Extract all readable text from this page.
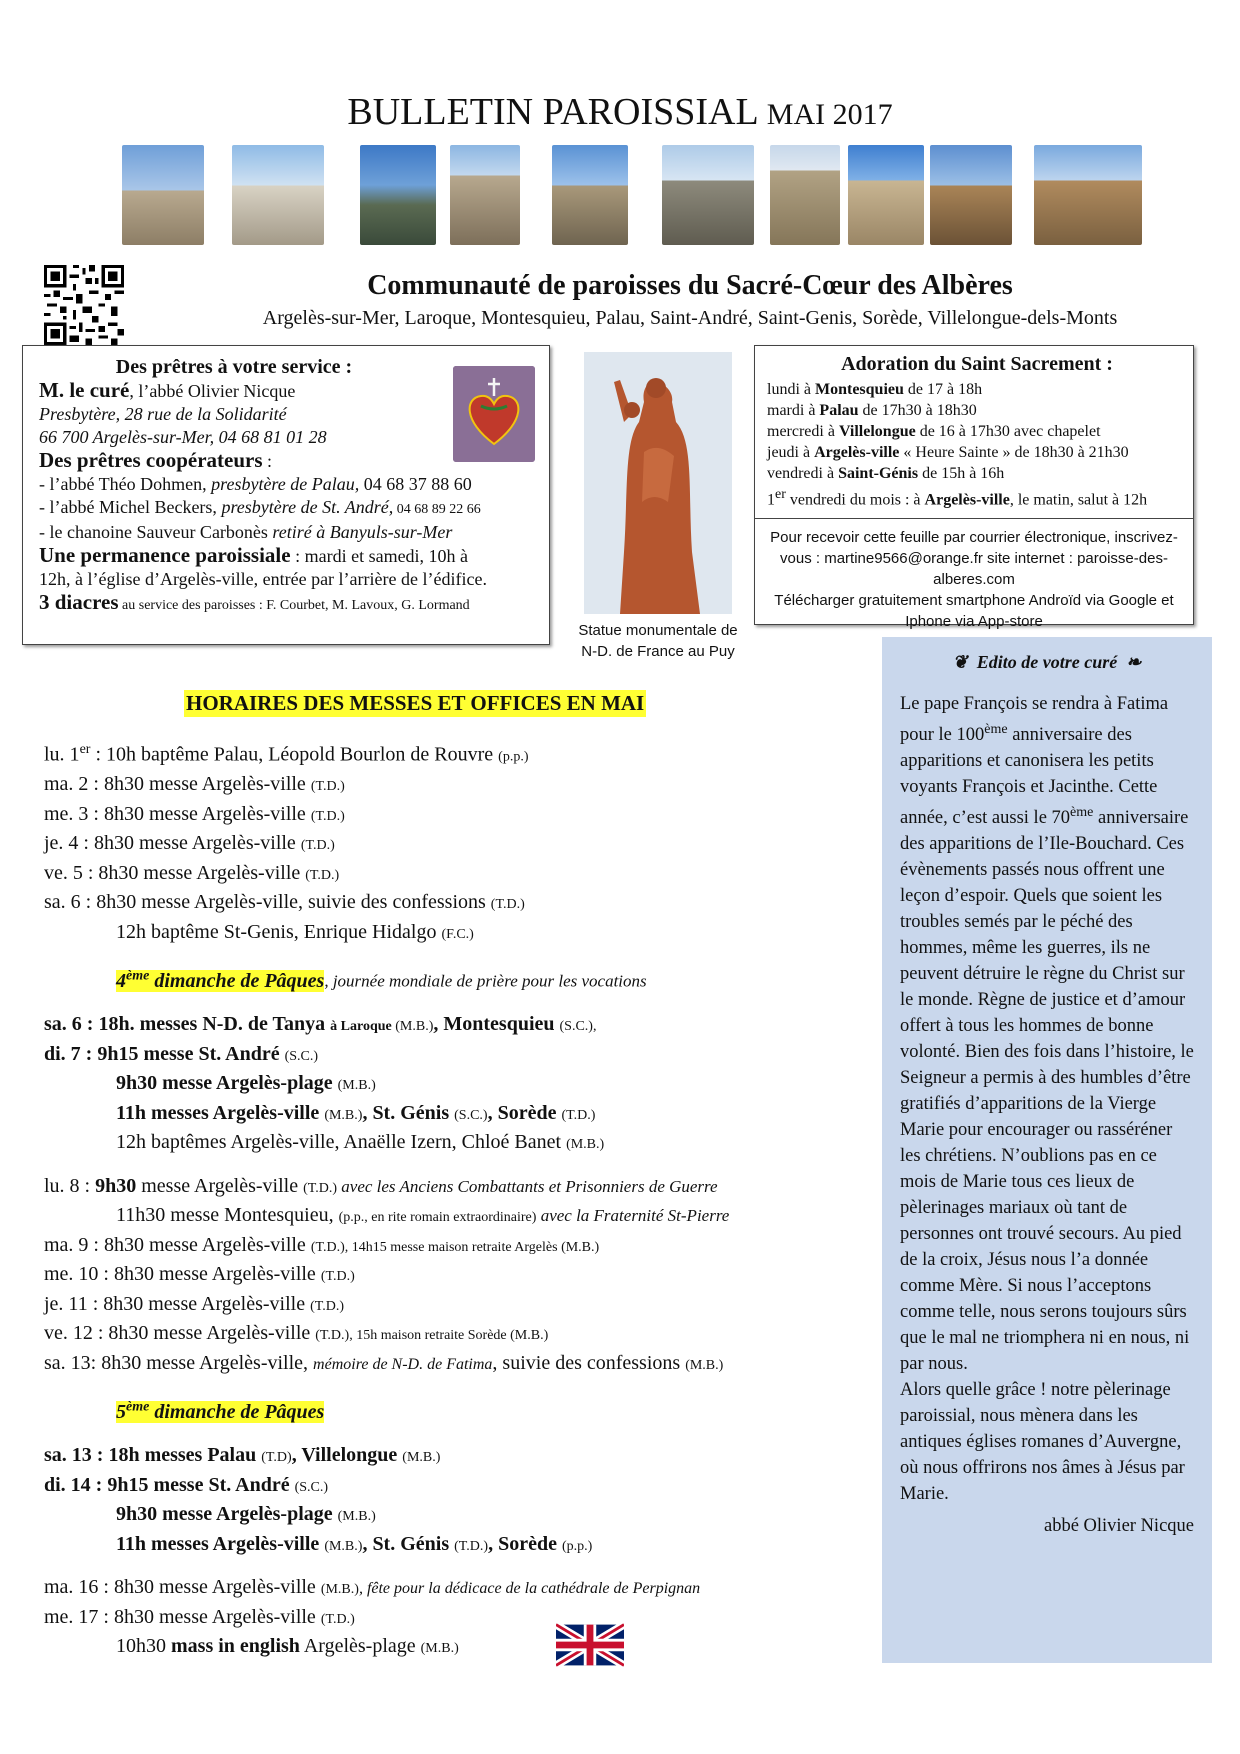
BULLETIN PAROISSIAL MAI 2017
Communauté de paroisses du Sacré-Cœur des Albères
Argelès-sur-Mer, Laroque, Montesquieu, Palau, Saint-André, Saint-Genis, Sorède, Villelongue-dels-Monts
Des prêtres à votre service :
M. le curé, l’abbé Olivier Nicque
Presbytère, 28 rue de la Solidarité
66 700 Argelès-sur-Mer, 04 68 81 01 28
Des prêtres coopérateurs :
- l’abbé Théo Dohmen, presbytère de Palau, 04 68 37 88 60
- l’abbé Michel Beckers, presbytère de St. André, 04 68 89 22 66
- le chanoine Sauveur Carbonès retiré à Banyuls-sur-Mer
Une permanence paroissiale : mardi et samedi, 10h à
12h, à l’église d’Argelès-ville, entrée par l’arrière de l’édifice.
3 diacres au service des paroisses : F. Courbet, M. Lavoux, G. Lormand
Statue monumentale de
N-D. de France au Puy
Adoration du Saint Sacrement :
lundi à Montesquieu de 17 à 18h
mardi à Palau de 17h30 à 18h30
mercredi à Villelongue de 16 à 17h30 avec chapelet
jeudi à Argelès-ville « Heure Sainte » de 18h30 à 21h30
vendredi à Saint-Génis de 15h à 16h
1er vendredi du mois : à Argelès-ville, le matin, salut à 12h
Pour recevoir cette feuille par courrier électronique, inscrivez-
vous : martine9566@orange.fr site internet : paroisse-des-
alberes.com
Télécharger gratuitement smartphone Androïd via Google et
Iphone via App-store
❦  Edito de votre curé  ❧
Le pape François se rendra à Fatima pour le 100ème anniversaire des apparitions et canonisera les petits voyants François et Jacinthe. Cette année, c’est aussi le 70ème anniversaire des apparitions de l’Ile-Bouchard. Ces évènements passés nous offrent une leçon d’espoir. Quels que soient les troubles semés par le péché des hommes, même les guerres, ils ne peuvent détruire le règne du Christ sur le monde. Règne de justice et d’amour offert à tous les hommes de bonne volonté. Bien des fois dans l’histoire, le Seigneur a permis à des humbles d’être gratifiés d’apparitions de la Vierge Marie pour encourager ou rasséréner les chrétiens. N’oublions pas en ce mois de Marie tous ces lieux de pèlerinages mariaux où tant de personnes ont trouvé secours. Au pied de la croix, Jésus nous l’a donnée comme Mère. Si nous l’acceptons comme telle, nous serons toujours sûrs que le mal ne triomphera ni en nous, ni par nous.
Alors quelle grâce ! notre pèlerinage paroissial, nous mènera dans les antiques églises romanes d’Auvergne, où nous offrirons nos âmes à Jésus par Marie.
abbé Olivier Nicque
HORAIRES DES MESSES ET OFFICES EN MAI
lu. 1er : 10h baptême Palau, Léopold Bourlon de Rouvre (p.p.)
ma. 2 : 8h30 messe Argelès-ville (T.D.)
me. 3 : 8h30 messe Argelès-ville (T.D.)
je. 4 : 8h30 messe Argelès-ville (T.D.)
ve. 5 : 8h30 messe Argelès-ville (T.D.)
sa. 6 : 8h30 messe Argelès-ville, suivie des confessions (T.D.)
12h baptême St-Genis, Enrique Hidalgo (F.C.)
4ème dimanche de Pâques, journée mondiale de prière pour les vocations
sa. 6 : 18h. messes N-D. de Tanya à Laroque (M.B.), Montesquieu (S.C.),
di. 7 : 9h15 messe St. André (S.C.)
9h30 messe Argelès-plage (M.B.)
11h messes Argelès-ville (M.B.), St. Génis (S.C.), Sorède (T.D.)
12h baptêmes Argelès-ville, Anaëlle Izern, Chloé Banet (M.B.)
lu. 8 : 9h30 messe Argelès-ville (T.D.) avec les Anciens Combattants et Prisonniers de Guerre
11h30 messe Montesquieu, (p.p., en rite romain extraordinaire) avec la Fraternité St-Pierre
ma. 9 : 8h30 messe Argelès-ville (T.D.), 14h15 messe maison retraite Argelès (M.B.)
me. 10 : 8h30 messe Argelès-ville (T.D.)
je. 11 : 8h30 messe Argelès-ville (T.D.)
ve. 12 : 8h30 messe Argelès-ville (T.D.), 15h maison retraite Sorède (M.B.)
sa. 13: 8h30 messe Argelès-ville, mémoire de N-D. de Fatima, suivie des confessions (M.B.)
5ème dimanche de Pâques
sa. 13 : 18h messes Palau (T.D), Villelongue (M.B.)
di. 14 : 9h15 messe St. André (S.C.)
9h30 messe Argelès-plage (M.B.)
11h messes Argelès-ville (M.B.), St. Génis (T.D.), Sorède (p.p.)
ma. 16 : 8h30 messe Argelès-ville (M.B.), fête pour la dédicace de la cathédrale de Perpignan
me. 17 : 8h30 messe Argelès-ville (T.D.)
10h30 mass in english Argelès-plage (M.B.)
